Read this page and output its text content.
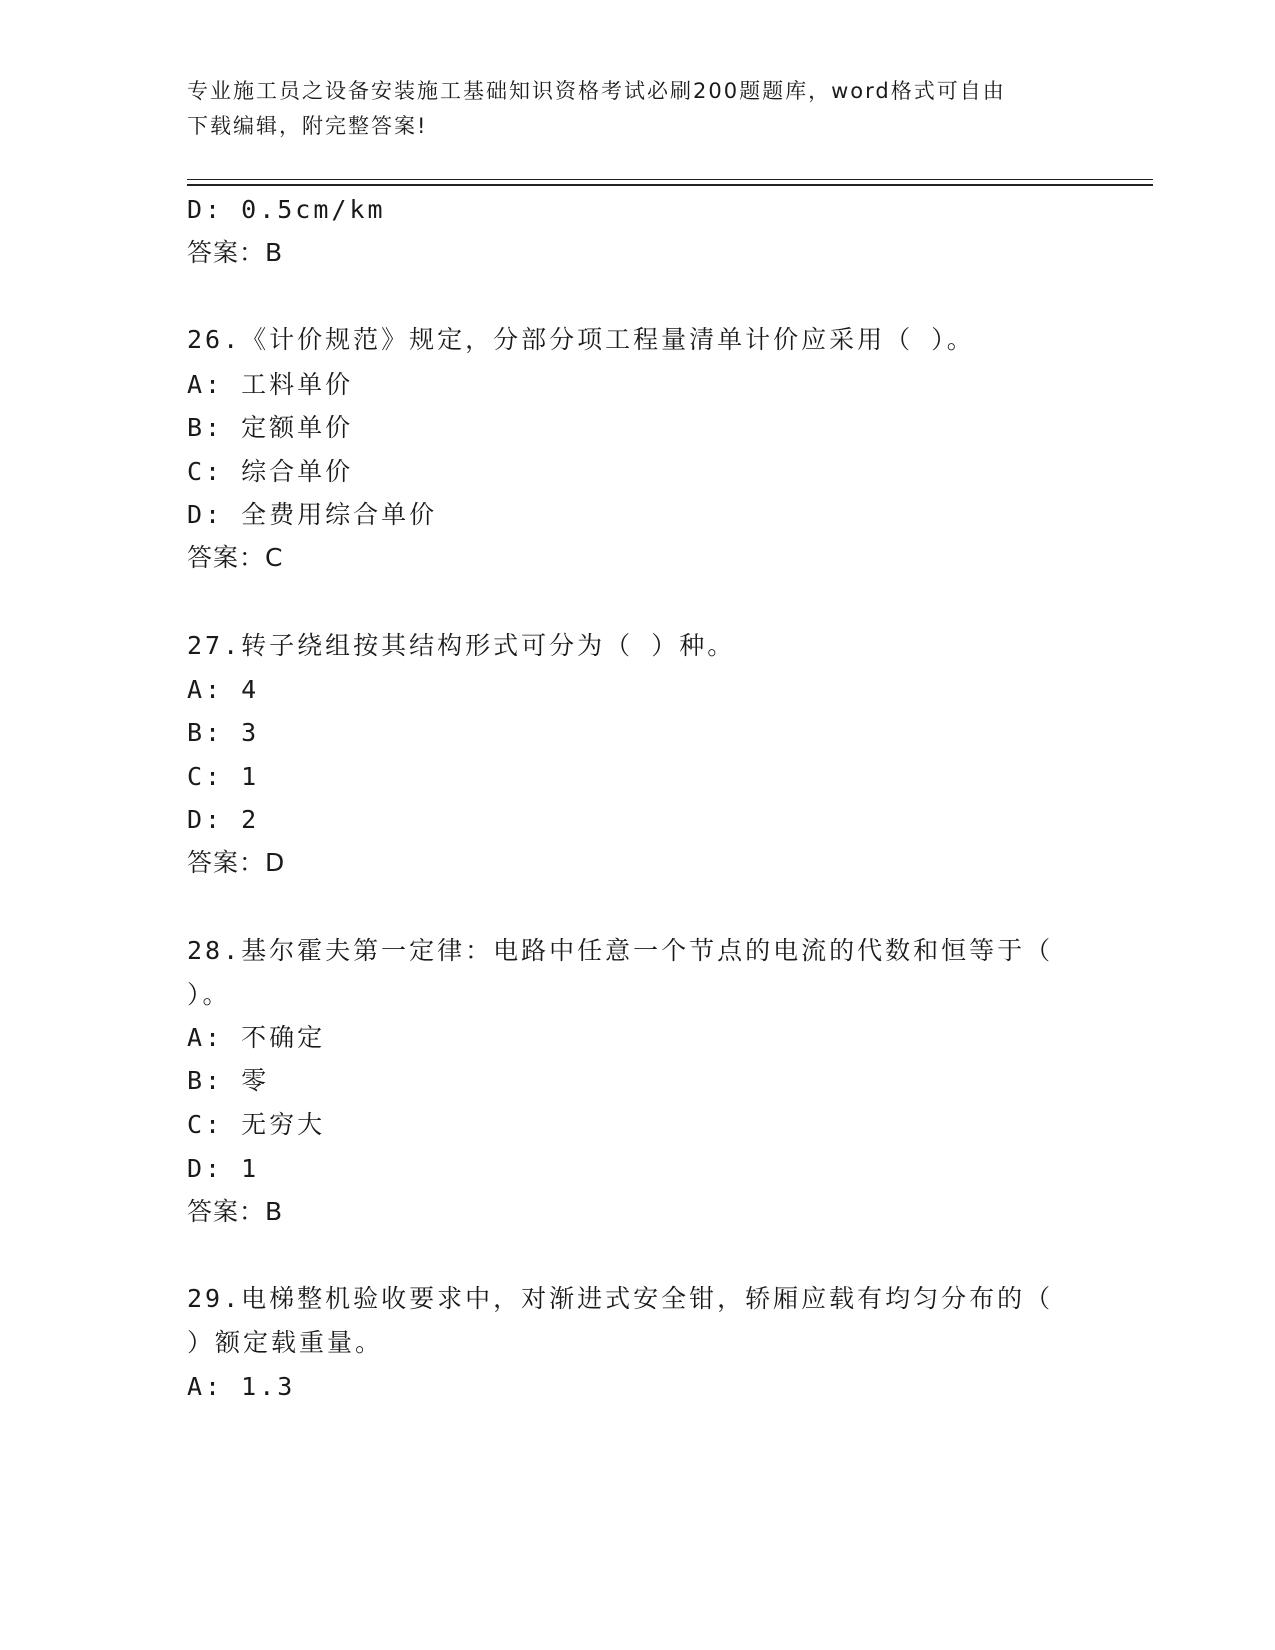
专业施工员之设备安装施工基础知识资格考试必刷200题题库，word格式可自由
下载编辑，附完整答案!
D: 0.5cm/km
答案：B
26.《计价规范》规定，分部分项工程量清单计价应采用（ ）。
A: 工料单价
B: 定额单价
C: 综合单价
D: 全费用综合单价
答案：C
27.转子绕组按其结构形式可分为（ ）种。
A: 4
B: 3
C: 1
D: 2
答案：D
28.基尔霍夫第一定律：电路中任意一个节点的电流的代数和恒等于（
）。
A: 不确定
B: 零
C: 无穷大
D: 1
答案：B
29.电梯整机验收要求中，对渐进式安全钳，轿厢应载有均匀分布的（
）额定载重量。
A: 1.3
